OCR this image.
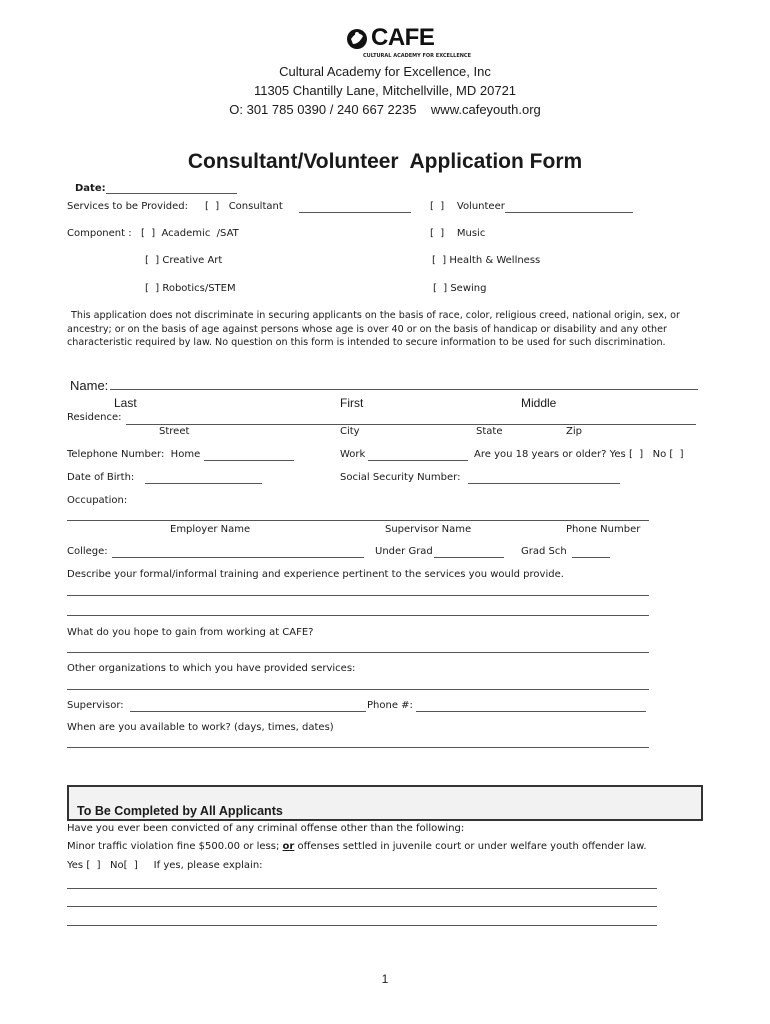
CAFE
CULTURAL ACADEMY FOR EXCELLENCE
Cultural Academy for Excellence, Inc
11305 Chantilly Lane, Mitchellville, MD 20721
O: 301 785 0390 / 240 667 2235    www.cafeyouth.org
Consultant/Volunteer  Application Form
Date:
Services to be Provided: [  ]   Consultant	[  ]    Volunteer
Component : [  ]  Academic  /SAT	[  ]    Music
[  ] Creative Art	[  ] Health & Wellness
[  ] Robotics/STEM	[  ] Sewing
This application does not discriminate in securing applicants on the basis of race, color, religious creed, national origin, sex, or ancestry; or on the basis of age against persons whose age is over 40 or on the basis of handicap or disability and any other characteristic required by law. No question on this form is intended to secure information to be used for such discrimination.
Name:
Last	First	Middle
Residence:
Street	City	State	Zip
Telephone Number:  Home	Work	Are you 18 years or older? Yes [  ]   No [  ]
Date of Birth:	Social Security Number:
Occupation:
Employer Name	Supervisor Name	Phone Number
College:	Under Grad	Grad Sch
Describe your formal/informal training and experience pertinent to the services you would provide.
What do you hope to gain from working at CAFE?
Other organizations to which you have provided services:
Supervisor:	Phone #:
When are you available to work? (days, times, dates)
To Be Completed by All Applicants
Have you ever been convicted of any criminal offense other than the following:
Minor traffic violation fine $500.00 or less; or offenses settled in juvenile court or under welfare youth offender law.
Yes [  ]   No[  ]     If yes, please explain:
1
